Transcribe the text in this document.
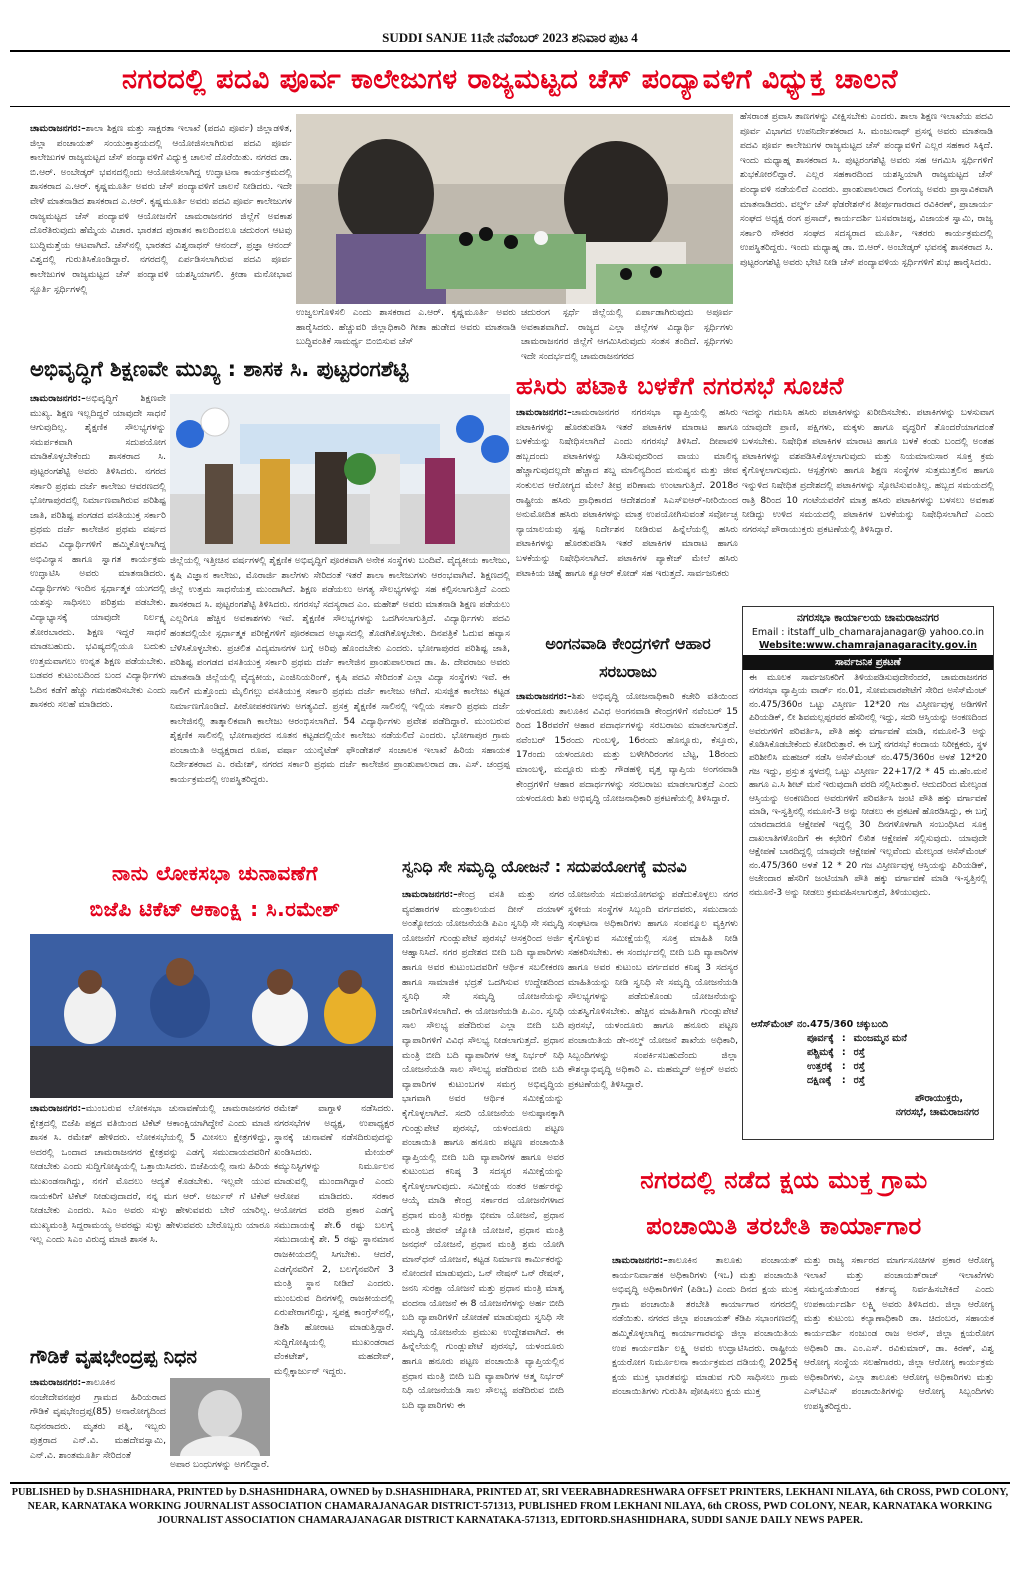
SUDDI SANJE 11ನೇ ನವೆಂಬರ್ 2023 ಶನಿವಾರ ಪುಟ 4
ನಗರದಲ್ಲಿ ಪದವಿ ಪೂರ್ವ ಕಾಲೇಜುಗಳ ರಾಜ್ಯಮಟ್ಟದ ಚೆಸ್ ಪಂದ್ಯಾವಳಿಗೆ ವಿಧ್ಯುಕ್ತ ಚಾಲನೆ
ಚಾಮರಾಜನಗರ:–ಶಾಲಾ ಶಿಕ್ಷಣ ಮತ್ತು ಸಾಕ್ಷರತಾ ಇಲಾಖೆ (ಪದವಿ ಪೂರ್ವ) ಜಿಲ್ಲಾಡಳಿತ, ಜಿಲ್ಲಾ ಪಂಚಾಯತ್ ಸಂಯುಕ್ತಾಶ್ರಯದಲ್ಲಿ ಆಯೋಜಿಸಲಾಗಿರುವ ಪದವಿ ಪೂರ್ವ ಕಾಲೇಜುಗಳ ರಾಜ್ಯಮಟ್ಟದ ಚೆಸ್ ಪಂದ್ಯಾವಳಿಗೆ ವಿಧ್ಯುಕ್ತ ಚಾಲನೆ ದೊರೆಯಿತು. ನಗರದ ಡಾ. ಬಿ.ಆರ್. ಅಂಬೇಡ್ಕರ್ ಭವನದಲ್ಲಿಂದು ಆಯೋಜಿಸಲಾಗಿದ್ದ ಉದ್ಘಾಟನಾ ಕಾರ್ಯಕ್ರಮದಲ್ಲಿ ಶಾಸಕರಾದ ಎ.ಆರ್. ಕೃಷ್ಣಮೂರ್ತಿ ಅವರು ಚೆಸ್ ಪಂದ್ಯಾವಳಿಗೆ ಚಾಲನೆ ನೀಡಿದರು. ಇದೇ ವೇಳೆ ಮಾತನಾಡಿದ ಶಾಸಕರಾದ ಎ.ಆರ್. ಕೃಷ್ಣಮೂರ್ತಿ ಅವರು ಪದವಿ ಪೂರ್ವ ಕಾಲೇಜುಗಳ ರಾಜ್ಯಮಟ್ಟದ ಚೆಸ್ ಪಂದ್ಯಾವಳಿ ಆಯೋಜನೆಗೆ ಚಾಮರಾಜನಗರ ಜಿಲ್ಲೆಗೆ ಅವಕಾಶ ದೊರೆತಿರುವುದು ಹೆಮ್ಮೆಯ ವಿಚಾರ. ಭಾರತದ ಪುರಾತನ ಕಾಲದಿಂದಲೂ ಚದುರಂಗ ಆಟವು ಬುದ್ಧಿಮತ್ತೆಯ ಆಟವಾಗಿದೆ. ಚೆಸ್‌ನಲ್ಲಿ ಭಾರತದ ವಿಶ್ವನಾಥನ್ ಆನಂದ್, ಪ್ರಜ್ಞಾ ಆನಂದ್ ವಿಶ್ವದಲ್ಲಿ ಗುರುತಿಸಿಕೊಂಡಿದ್ದಾರೆ. ನಗರದಲ್ಲಿ ಏರ್ಪಡಿಸಲಾಗಿರುವ ಪದವಿ ಪೂರ್ವ ಕಾಲೇಜುಗಳ ರಾಜ್ಯಮಟ್ಟದ ಚೆಸ್ ಪಂದ್ಯಾವಳಿ ಯಶಸ್ವಿಯಾಗಲಿ. ಕ್ರೀಡಾ ಮನೋಭಾವ ಸ್ಪೂರ್ತಿ ಸ್ಪರ್ಧಿಗಳಲ್ಲಿ
ಉಜ್ವಲಗೊಳಿಸಲಿ ಎಂದು ಶಾಸಕರಾದ ಎ.ಆರ್. ಕೃಷ್ಣಮೂರ್ತಿ ಅವರು ಹಾರೈಸಿದರು. ಹೆಚ್ಚುವರಿ ಜಿಲ್ಲಾಧಿಕಾರಿ ಗೀತಾ ಹುಡೇದ ಅವರು ಮಾತನಾಡಿ ಬುದ್ಧಿವಂತಿಕೆ ಸಾಮರ್ಥ್ಯ ಬಿಂಬಿಸುವ ಚೆಸ್
ಚದುರಂಗ ಸ್ಪರ್ಧೆ ಜಿಲ್ಲೆಯಲ್ಲಿ ಏರ್ಪಾಡಾಗಿರುವುದು ಅಪೂರ್ವ ಅವಕಾಶವಾಗಿದೆ. ರಾಜ್ಯದ ಎಲ್ಲಾ ಜಿಲ್ಲೆಗಳ ವಿದ್ಯಾರ್ಥಿ ಸ್ಪರ್ಧಿಗಳು ಚಾಮರಾಜನಗರ ಜಿಲ್ಲೆಗೆ ಆಗಮಿಸಿರುವುದು ಸಂತಸ ತಂದಿದೆ. ಸ್ಪರ್ಧಿಗಳು ಇದೇ ಸಂದರ್ಭದಲ್ಲಿ ಚಾಮರಾಜನಗರದ
ಹೆಸರಾಂತ ಪ್ರವಾಸಿ ತಾಣಗಳನ್ನು ವೀಕ್ಷಿಸಬೇಕು ಎಂದರು. ಶಾಲಾ ಶಿಕ್ಷಣ ಇಲಾಖೆಯ ಪದವಿ ಪೂರ್ವ ವಿಭಾಗದ ಉಪನಿರ್ದೇಶಕರಾದ ಸಿ. ಮಂಜುನಾಥ್ ಪ್ರಸನ್ನ ಅವರು ಮಾತನಾಡಿ ಪದವಿ ಪೂರ್ವ ಕಾಲೇಜುಗಳ ರಾಜ್ಯಮಟ್ಟದ ಚೆಸ್ ಪಂದ್ಯಾವಳಿಗೆ ಎಲ್ಲರ ಸಹಕಾರ ಸಿಕ್ಕಿದೆ. ಇಂದು ಮಧ್ಯಾಹ್ನ ಶಾಸಕರಾದ ಸಿ. ಪುಟ್ಟರಂಗಶೆಟ್ಟಿ ಅವರು ಸಹ ಆಗಮಿಸಿ ಸ್ಪರ್ಧಿಗಳಿಗೆ ಶುಭಕೋರಲಿದ್ದಾರೆ. ಎಲ್ಲರ ಸಹಕಾರದಿಂದ ಯಶಸ್ವಿಯಾಗಿ ರಾಜ್ಯಮಟ್ಟದ ಚೆಸ್ ಪಂದ್ಯಾವಳಿ ನಡೆಯಲಿದೆ ಎಂದರು. ಪ್ರಾಂಶುಪಾಲರಾದ ಲಿಂಗಯ್ಯ ಅವರು ಪ್ರಾಸ್ತಾವಿಕವಾಗಿ ಮಾತನಾಡಿದರು. ವರ್ಲ್ಡ್ ಚೆಸ್ ಫೆಡರೇಶನ್‌ನ ತೀರ್ಪುಗಾರರಾದ ರವಿಕಿರಣ್, ಪ್ರಾಚಾರ್ಯ ಸಂಘದ ಅಧ್ಯಕ್ಷ ರಂಗ ಪ್ರಸಾದ್, ಕಾರ್ಯದರ್ಶಿ ಬಸವರಾಜಪ್ಪ, ವಿಜಾಯಕ ಸ್ವಾಮಿ, ರಾಜ್ಯ ಸರ್ಕಾರಿ ನೌಕರರ ಸಂಘದ ಸದಸ್ಯರಾದ ಮೂರ್ತಿ, ಇತರರು ಕಾರ್ಯಕ್ರಮದಲ್ಲಿ ಉಪಸ್ಥಿತರಿದ್ದರು. ಇಂದು ಮಧ್ಯಾಹ್ನ ಡಾ. ಬಿ.ಆರ್. ಅಂಬೇಡ್ಕರ್ ಭವನಕ್ಕೆ ಶಾಸಕರಾದ ಸಿ. ಪುಟ್ಟರಂಗಶೆಟ್ಟಿ ಅವರು ಭೇಟಿ ನೀಡಿ ಚೆಸ್ ಪಂದ್ಯಾವಳಿಯ ಸ್ಪರ್ಧಿಗಳಿಗೆ ಶುಭ ಹಾರೈಸಿದರು.
ಅಭಿವೃದ್ಧಿಗೆ ಶಿಕ್ಷಣವೇ ಮುಖ್ಯ : ಶಾಸಕ ಸಿ. ಪುಟ್ಟರಂಗಶೆಟ್ಟಿ
ಚಾಮರಾಜನಗರ:–ಅಭಿವೃದ್ಧಿಗೆ ಶಿಕ್ಷಣವೇ ಮುಖ್ಯ. ಶಿಕ್ಷಣ ಇಲ್ಲದಿದ್ದರೆ ಯಾವುದೇ ಸಾಧನೆ ಆಗುವುದಿಲ್ಲ. ಶೈಕ್ಷಣಿಕ ಸೌಲಭ್ಯಗಳನ್ನು ಸಮರ್ಪಕವಾಗಿ ಸದುಪಯೋಗ ಮಾಡಿಕೊಳ್ಳಬೇಕೆಂದು ಶಾಸಕರಾದ ಸಿ. ಪುಟ್ಟರಂಗಶೆಟ್ಟಿ ಅವರು ತಿಳಿಸಿದರು. ನಗರದ ಸರ್ಕಾರಿ ಪ್ರಥಮ ದರ್ಜೆ ಕಾಲೇಜು ಆವರಣದಲ್ಲಿ ಭೋಗಾಪುರದಲ್ಲಿ ನಿರ್ಮಾಣವಾಗಿರುವ ಪರಿಶಿಷ್ಟ ಜಾತಿ, ಪರಿಶಿಷ್ಟ ಪಂಗಡದ ವಸತಿಯುಕ್ತ ಸರ್ಕಾರಿ ಪ್ರಥಮ ದರ್ಜೆ ಕಾಲೇಜಿನ ಪ್ರಥಮ ವರ್ಷದ ಪದವಿ ವಿದ್ಯಾರ್ಥಿಗಳಿಗೆ ಹಮ್ಮಿಕೊಳ್ಳಲಾಗಿದ್ದ ಅಭಿವಿನ್ಯಾಸ ಹಾಗೂ ಸ್ವಾಗತ ಕಾರ್ಯಕ್ರಮ ಉದ್ಘಾಟಿಸಿ ಅವರು ಮಾತನಾಡಿದರು. ವಿದ್ಯಾರ್ಥಿಗಳು ಇಂದಿನ ಸ್ಪರ್ಧಾತ್ಮಕ ಯುಗದಲ್ಲಿ ಯಶಸ್ಸು ಸಾಧಿಸಲು ಪರಿಶ್ರಮ ಪಡಬೇಕು. ವಿದ್ಯಾಭ್ಯಾಸಕ್ಕೆ ಯಾವುದೇ ನಿರ್ಲಕ್ಷ್ಯ ತೋರಬಾರದು. ಶಿಕ್ಷಣ ಇದ್ದರೆ ಸಾಧನೆ ಮಾಡಬಹುದು. ಭವಿಷ್ಯದಲ್ಲಿಯೂ ಬದುಕು ಉತ್ತಮವಾಗಲು ಉನ್ನತ ಶಿಕ್ಷಣ ಪಡೆಯಬೇಕು. ಬಡವರ ಕುಟುಂಬದಿಂದ ಬಂದ ವಿದ್ಯಾರ್ಥಿಗಳು ಓದಿನ ಕಡೆಗೆ ಹೆಚ್ಚು ಗಮನಹರಿಸಬೇಕು ಎಂದು ಶಾಸಕರು ಸಲಹೆ ಮಾಡಿದರು.
ಜಿಲ್ಲೆಯಲ್ಲಿ ಇತ್ತೀಚಿನ ವರ್ಷಗಳಲ್ಲಿ ಶೈಕ್ಷಣಿಕ ಅಭಿವೃದ್ಧಿಗೆ ಪೂರಕವಾಗಿ ಅನೇಕ ಸಂಸ್ಥೆಗಳು ಬಂದಿವೆ. ವೈದ್ಯಕೀಯ ಕಾಲೇಜು, ಕೃಷಿ ವಿಜ್ಞಾನ ಕಾಲೇಜು, ಮೊರಾರ್ಜಿ ಶಾಲೆಗಳು ಸೇರಿದಂತೆ ಇತರೆ ಶಾಲಾ ಕಾಲೇಜುಗಳು ಆರಂಭವಾಗಿವೆ. ಶಿಕ್ಷಣದಲ್ಲಿ ಜಿಲ್ಲೆ ಉತ್ತಮ ಸಾಧನೆಯತ್ತ ಮುಂದಾಗಿದೆ. ಶಿಕ್ಷಣ ಪಡೆಯಲು ಅಗತ್ಯ ಸೌಲಭ್ಯಗಳನ್ನು ಸಹ ಕಲ್ಪಿಸಲಾಗುತ್ತಿದೆ ಎಂದು ಶಾಸಕರಾದ ಸಿ. ಪುಟ್ಟರಂಗಶೆಟ್ಟಿ ತಿಳಿಸಿದರು. ನಗರಸಭೆ ಸದಸ್ಯರಾದ ಎಂ. ಮಹೇಶ್ ಅವರು ಮಾತನಾಡಿ ಶಿಕ್ಷಣ ಪಡೆಯಲು ಎಲ್ಲರಿಗೂ ಹೆಚ್ಚಿನ ಅವಕಾಶಗಳು ಇವೆ. ಶೈಕ್ಷಣಿಕ ಸೌಲಭ್ಯಗಳನ್ನು ಒದಗಿಸಲಾಗುತ್ತಿದೆ. ವಿದ್ಯಾರ್ಥಿಗಳು ಪದವಿ ಹಂತದಲ್ಲಿಯೇ ಸ್ಪರ್ಧಾತ್ಮಕ ಪರೀಕ್ಷೆಗಳಿಗೆ ಪೂರಕವಾದ ಅಭ್ಯಾಸದಲ್ಲಿ ತೊಡಗಿಕೊಳ್ಳಬೇಕು. ದಿನಪತ್ರಿಕೆ ಓದುವ ಹವ್ಯಾಸ ಬೆಳೆಸಿಕೊಳ್ಳಬೇಕು. ಪ್ರಚಲಿತ ವಿದ್ಯಮಾನಗಳ ಬಗ್ಗೆ ಅರಿವು ಹೊಂದಬೇಕು ಎಂದರು. ಭೋಗಾಪುರದ ಪರಿಶಿಷ್ಟ ಜಾತಿ, ಪರಿಶಿಷ್ಟ ಪಂಗಡದ ವಸತಿಯುಕ್ತ ಸರ್ಕಾರಿ ಪ್ರಥಮ ದರ್ಜೆ ಕಾಲೇಜಿನ ಪ್ರಾಂಶುಪಾಲರಾದ ಡಾ. ಹಿ. ದೇವರಾಜು ಅವರು ಮಾತನಾಡಿ ಜಿಲ್ಲೆಯಲ್ಲಿ ವೈದ್ಯಕೀಯ, ಎಂಜಿನಿಯರಿಂಗ್, ಕೃಷಿ ಪದವಿ ಸೇರಿದಂತೆ ಎಲ್ಲಾ ವಿದ್ಯಾ ಸಂಸ್ಥೆಗಳು ಇವೆ. ಈ ಸಾಲಿಗೆ ಮತ್ತೊಂದು ಮೈಲಿಗಲ್ಲು ವಸತಿಯುಕ್ತ ಸರ್ಕಾರಿ ಪ್ರಥಮ ದರ್ಜೆ ಕಾಲೇಜು ಆಗಿದೆ. ಸುಸಜ್ಜಿತ ಕಾಲೇಜು ಕಟ್ಟಡ ನಿರ್ಮಾಣಗೊಂಡಿದೆ. ಪೀಠೋಪಕರಣಗಳು ಅಗತ್ಯವಿದೆ. ಪ್ರಸಕ್ತ ಶೈಕ್ಷಣಿಕ ಸಾಲಿನಲ್ಲಿ ಇಲ್ಲಿಯ ಸರ್ಕಾರಿ ಪ್ರಥಮ ದರ್ಜೆ ಕಾಲೇಜಿನಲ್ಲಿ ತಾತ್ಕಾಲಿಕವಾಗಿ ಕಾಲೇಜು ಆರಂಭಿಸಲಾಗಿದೆ. 54 ವಿದ್ಯಾರ್ಥಿಗಳು ಪ್ರವೇಶ ಪಡೆದಿದ್ದಾರೆ. ಮುಂಬರುವ ಶೈಕ್ಷಣಿಕ ಸಾಲಿನಲ್ಲಿ ಭೋಗಾಪುರದ ನೂತನ ಕಟ್ಟಡದಲ್ಲಿಯೇ ಕಾಲೇಜು ನಡೆಯಲಿದೆ ಎಂದರು. ಭೋಗಾಪುರ ಗ್ರಾಮ ಪಂಚಾಯಿತಿ ಅಧ್ಯಕ್ಷರಾದ ರೂಪ, ವರ್ಷಾ ಯುನೈಟೆಡ್ ಫೌಂಡೇಶನ್ ಸಂಚಾಲಕ ಇಲಾಖೆ ಹಿರಿಯ ಸಹಾಯಕ ನಿರ್ದೇಶಕರಾದ ಎ. ರಮೇಶ್, ನಗರದ ಸರ್ಕಾರಿ ಪ್ರಥಮ ದರ್ಜೆ ಕಾಲೇಜಿನ ಪ್ರಾಂಶುಪಾಲರಾದ ಡಾ. ಎಸ್. ಚಂದ್ರಪ್ಪ ಕಾರ್ಯಕ್ರಮದಲ್ಲಿ ಉಪಸ್ಥಿತರಿದ್ದರು.
ಹಸಿರು ಪಟಾಕಿ ಬಳಕೆಗೆ ನಗರಸಭೆ ಸೂಚನೆ
ಚಾಮರಾಜನಗರ:–ಚಾಮರಾಜನಗರ ನಗರಸಭಾ ವ್ಯಾಪ್ತಿಯಲ್ಲಿ ಹಸಿರು ಪಟಾಕಿಗಳನ್ನು ಹೊರತುಪಡಿಸಿ ಇತರೆ ಪಟಾಕಿಗಳ ಮಾರಾಟ ಹಾಗೂ ಬಳಕೆಯನ್ನು ನಿಷೇಧಿಸಲಾಗಿದೆ ಎಂದು ನಗರಸಭೆ ತಿಳಿಸಿದೆ. ದೀಪಾವಳಿ ಹಬ್ಬದಂದು ಪಟಾಕಿಗಳನ್ನು ಸಿಡಿಸುವುದರಿಂದ ವಾಯು ಮಾಲಿನ್ಯ ಹೆಚ್ಚಾಗುವುದಲ್ಲದೇ ಹೆಚ್ಚಾದ ಶಬ್ದ ಮಾಲಿನ್ಯದಿಂದ ಮನುಷ್ಯನ ಮತ್ತು ಜೀವ ಸಂಕುಲದ ಆರೋಗ್ಯದ ಮೇಲೆ ತೀವ್ರ ಪರಿಣಾಮ ಉಂಟಾಗುತ್ತಿದೆ. 2018ರ ರಾಷ್ಟ್ರೀಯ ಹಸಿರು ಪ್ರಾಧಿಕಾರದ ಆದೇಶದಂತೆ ಸಿಎಸ್‌ಐಆರ್-ನೀರಿಯಿಂದ ಅನುಮೋದಿತ ಹಸಿರು ಪಟಾಕಿಗಳನ್ನು ಮಾತ್ರ ಉಪಯೋಗಿಸುವಂತೆ ಸರ್ವೋಚ್ಛ ನ್ಯಾಯಾಲಯವು ಸ್ಪಷ್ಟ ನಿರ್ದೇಶನ ನೀಡಿರುವ ಹಿನ್ನೆಲೆಯಲ್ಲಿ ಹಸಿರು ಪಟಾಕಿಗಳನ್ನು ಹೊರತುಪಡಿಸಿ ಇತರೆ ಪಟಾಕಿಗಳ ಮಾರಾಟ ಹಾಗೂ ಬಳಕೆಯನ್ನು ನಿಷೇಧಿಸಲಾಗಿದೆ. ಪಟಾಕಿಗಳ ಪ್ಯಾಕೇಜ್ ಮೇಲೆ ಹಸಿರು ಪಟಾಕಿಯ ಚಿಹ್ನೆ ಹಾಗೂ ಕ್ಯೂಆರ್ ಕೋಡ್ ಸಹ ಇರುತ್ತದೆ. ಸಾರ್ವಜನಿಕರು
ಇದನ್ನು ಗಮನಿಸಿ ಹಸಿರು ಪಟಾಕಿಗಳನ್ನು ಖರೀದಿಸಬೇಕು. ಪಟಾಕಿಗಳನ್ನು ಬಳಸುವಾಗ ಯಾವುದೇ ಪ್ರಾಣಿ, ಪಕ್ಷಿಗಳು, ಮಕ್ಕಳು ಹಾಗೂ ವೃದ್ಧರಿಗೆ ತೊಂದರೆಯಾಗದಂತೆ ಬಳಸಬೇಕು. ನಿಷೇಧಿತ ಪಟಾಕಿಗಳ ಮಾರಾಟ ಹಾಗೂ ಬಳಕೆ ಕಂಡು ಬಂದಲ್ಲಿ ಅಂತಹ ಪಟಾಕಿಗಳನ್ನು ವಶಪಡಿಸಿಕೊಳ್ಳಲಾಗುವುದು ಮತ್ತು ನಿಯಮಾನುಸಾರ ಸೂಕ್ತ ಕ್ರಮ ಕೈಗೊಳ್ಳಲಾಗುವುದು. ಆಸ್ಪತ್ರೆಗಳು ಹಾಗೂ ಶಿಕ್ಷಣ ಸಂಸ್ಥೆಗಳ ಸುತ್ತಮುತ್ತಲಿನ ಹಾಗೂ ಇನ್ನುಳಿದ ನಿಷೇಧಿತ ಪ್ರದೇಶದಲ್ಲಿ ಪಟಾಕಿಗಳನ್ನು ಸ್ಫೋಟಿಸುವಂತಿಲ್ಲ. ಹಬ್ಬದ ಸಮಯದಲ್ಲಿ ರಾತ್ರಿ 8ರಿಂದ 10 ಗಂಟೆಯವರೆಗೆ ಮಾತ್ರ ಹಸಿರು ಪಟಾಕಿಗಳನ್ನು ಬಳಸಲು ಅವಕಾಶ ನೀಡಿದ್ದು ಉಳಿದ ಸಮಯದಲ್ಲಿ ಪಟಾಕಿಗಳ ಬಳಕೆಯನ್ನು ನಿಷೇಧಿಸಲಾಗಿದೆ ಎಂದು ನಗರಸಭೆ ಪೌರಾಯುಕ್ತರು ಪ್ರಕಟಣೆಯಲ್ಲಿ ತಿಳಿಸಿದ್ದಾರೆ.
ಅಂಗನವಾಡಿ ಕೇಂದ್ರಗಳಿಗೆ ಆಹಾರ ಸರಬರಾಜು
ಚಾಮರಾಜನಗರ:–ಶಿಶು ಅಭಿವೃದ್ಧಿ ಯೋಜನಾಧಿಕಾರಿ ಕಚೇರಿ ವತಿಯಿಂದ ಯಳಂದೂರು ತಾಲೂಕಿನ ವಿವಿಧ ಅಂಗನವಾಡಿ ಕೇಂದ್ರಗಳಿಗೆ ನವೆಂಬರ್ 15 ರಿಂದ 18ರವರೆಗೆ ಆಹಾರ ಪದಾರ್ಥಗಳನ್ನು ಸರಬರಾಜು ಮಾಡಲಾಗುತ್ತದೆ. ನವೆಂಬರ್ 15ರಂದು ಗುಂಬಳ್ಳಿ, 16ರಂದು ಹೊನ್ನೂರು, ಕೆಸ್ತೂರು, 17ರಂದು ಯಳಂದೂರು ಮತ್ತು ಬಳೇಗಿರಿರಂಗನ ಬೆಟ್ಟ, 18ರಂದು ಮಾಂಬಳ್ಳಿ, ಮದ್ದೂರು ಮತ್ತು ಗೌಡಹಳ್ಳಿ ವೃತ್ತ ವ್ಯಾಪ್ತಿಯ ಅಂಗನವಾಡಿ ಕೇಂದ್ರಗಳಿಗೆ ಆಹಾರ ಪದಾರ್ಥಗಳನ್ನು ಸರಬರಾಜು ಮಾಡಲಾಗುತ್ತದೆ ಎಂದು ಯಳಂದೂರು ಶಿಶು ಅಭಿವೃದ್ಧಿ ಯೋಜನಾಧಿಕಾರಿ ಪ್ರಕಟಣೆಯಲ್ಲಿ ತಿಳಿಸಿದ್ದಾರೆ.
ನಗರಸಭಾ ಕಾರ್ಯಾಲಯ ಚಾಮರಾಜನಗರ
Email : itstaff_ulb_chamarajanagar@ yahoo.co.in
Website:www.chamrajanagaracity.gov.in
ಸಾರ್ವಜನಿಕ ಪ್ರಕಟಣೆ
ಈ ಮೂಲಕ ಸಾರ್ವಜನಿಕರಿಗೆ ತಿಳಿಯಪಡಿಸುವುದೇನೆಂದರೆ, ಚಾಮರಾಜನಗರ ನಗರಸಭಾ ವ್ಯಾಪ್ತಿಯ ವಾರ್ಡ್ ನಂ.01, ಸೋಮವಾರಪೇಟೆಗೆ ಸೇರಿದ ಅಸೆಸ್‌ಮೆಂಟ್ ನಂ.475/360ರ ಒಟ್ಟು ವಿಸ್ತೀರ್ಣ 12*20 ಗಜ ವಿಸ್ತೀರ್ಣವುಳ್ಳ ಅಡಿಗಳಿಗೆ ಪಿರಿಯಡಿಕ್, ಲೀ ಶಿವಮಲ್ಲಪ್ಪರವರ ಹೆಸರಿನಲ್ಲಿ ಇದ್ದು, ಸದರಿ ಆಸ್ತಿಯನ್ನು ಅಂಕಣದಿಂದ ಅವರುಗಳಿಗೆ ಪರಿವರ್ತಿಸಿ, ಪೌತಿ ಹಕ್ಕು ವರ್ಗಾವಣೆ ಮಾಡಿ, ನಮೂನೆ-3 ಅನ್ನು ಕೊಡಿಸಿಕೊಡಬೇಕೆಂದು ಕೋರಿರುತ್ತಾರೆ. ಈ ಬಗ್ಗೆ ನಗರಸಭೆ ಕಂದಾಯ ನಿರೀಕ್ಷಕರು, ಸ್ಥಳ ಪರಿಶೀಲಿಸಿ ಮಹಜರ್ ನಡೆಸಿ ಅಸೆಸ್‌ಮೆಂಟ್ ನಂ.475/360ರ ಅಳತೆ 12*20 ಗಜ ಇದ್ದು, ಪ್ರಸ್ತುತ ಸ್ಥಳದಲ್ಲಿ ಒಟ್ಟು ವಿಸ್ತೀರ್ಣ 22+17/2 * 45 ಮ.ಹೆಂ.ಮನೆ ಹಾಗೂ ಎ.ಸಿ ಶೀಟ್ ಮನೆ ಇರುವುದಾಗಿ ವರದಿ ಸಲ್ಲಿಸಿರುತ್ತಾರೆ. ಆದುದರಿಂದ ಮೇಲ್ಕಂಡ ಆಸ್ತಿಯನ್ನು ಅಂಕಣದಿಂದ ಅವರುಗಳಿಗೆ ಪರಿವರ್ತಿಸಿ ಜಂಟಿ ಪೌತಿ ಹಕ್ಕು ವರ್ಗಾವಣೆ ಮಾಡಿ, ಇ-ಸ್ವತ್ತಿನಲ್ಲಿ ನಮೂನೆ-3 ಅನ್ನು ನೀಡಲು ಈ ಪ್ರಕಟಣೆ ಹೊರಡಿಸಿದ್ದು, ಈ ಬಗ್ಗೆ ಯಾರದಾದರೂ ಆಕ್ಷೇಪಣೆ ಇದ್ದಲ್ಲಿ 30 ದಿನಗಳೊಳಗಾಗಿ ಸಂಬಂಧಿಸಿದ ಸೂಕ್ತ ದಾಖಲಾತಿಗಳೊಂದಿಗೆ ಈ ಕಛೇರಿಗೆ ಲಿಖಿತ ಆಕ್ಷೇಪಣೆ ಸಲ್ಲಿಸುವುದು. ಯಾವುದೇ ಆಕ್ಷೇಪಣೆ ಬಾರದಿದ್ದಲ್ಲಿ ಯಾವುದೇ ಆಕ್ಷೇಪಣೆ ಇಲ್ಲವೆಂದು ಮೇಲ್ಕಂಡ ಆಸೆಸ್‌ಮೆಂಟ್ ನಂ.475/360 ಅಳತೆ 12 * 20 ಗಜ ವಿಸ್ತೀರ್ಣವುಳ್ಳ ಆಸ್ತಿಯನ್ನು ಪಿರಿಯಡಿಕ್, ಅಜೇಂದಾರ ಹೆಸರಿಗೆ ಜಂಟಿಯಾಗಿ ಪೌತಿ ಹಕ್ಕು ವರ್ಗಾವಣೆ ಮಾಡಿ ಇ-ಸ್ವತ್ತಿನಲ್ಲಿ ನಮೂನೆ-3 ಅನ್ನು ನೀಡಲು ಕ್ರಮವಹಿಸಲಾಗುತ್ತದೆ, ತಿಳಿಯುವುದು.
ಆಸೆಸ್‌ಮೆಂಟ್ ನಂ.475/360 ಚಕ್ಕುಬಂದಿ
ಪೂರ್ವಕ್ಕೆ	:	ಮಂಜಮ್ಮನ ಮನೆ
ಪಶ್ಚಿಮಕ್ಕೆ	:	ರಸ್ತೆ
ಉತ್ತರಕ್ಕೆ	:	ರಸ್ತೆ
ದಕ್ಷಿಣಕ್ಕೆ	:	ರಸ್ತೆ
ಪೌರಾಯುಕ್ತರು,
ನಗರಸಭೆ, ಚಾಮರಾಜನಗರ
ನಾನು ಲೋಕಸಭಾ ಚುನಾವಣೆಗೆ
ಬಿಜೆಪಿ ಟಿಕೆಟ್ ಆಕಾಂಕ್ಷಿ : ಸಿ.ರಮೇಶ್
ಚಾಮರಾಜನಗರ:–ಮುಂಬರುವ ಲೋಕಸಭಾ ಚುನಾವಣೆಯಲ್ಲಿ ಚಾಮರಾಜನಗರ ಕ್ಷೇತ್ರದಲ್ಲಿ ಬಿಜೆಪಿ ಪಕ್ಷದ ವತಿಯಿಂದ ಟಿಕೆಟ್ ಆಕಾಂಕ್ಷಿಯಾಗಿದ್ದೇನೆ ಎಂದು ಮಾಜಿ ಶಾಸಕ ಸಿ. ರಮೇಶ್ ಹೇಳಿದರು. ಲೋಕಸಭೆಯಲ್ಲಿ 5 ಮೀಸಲು ಕ್ಷೇತ್ರಗಳಿದ್ದು, ಅದರಲ್ಲಿ ಒಂದಾದ ಚಾಮರಾಜನಗರ ಕ್ಷೇತ್ರವನ್ನು ಎಡಗೈ ಸಮುದಾಯದವರಿಗೆ ನೀಡಬೇಕು ಎಂದು ಸುದ್ದಿಗೋಷ್ಠಿಯಲ್ಲಿ ಒತ್ತಾಯಿಸಿದರು. ಬಿಜೆಪಿಯಲ್ಲಿ ನಾನು ಹಿರಿಯ ಮುಖಂಡನಾಗಿದ್ದು, ನನಗೆ ಮೊದಲು ಆದ್ಯತೆ ಕೊಡಬೇಕು. ಇಲ್ಲವೇ ಯುವ ನಾಯಕರಿಗೆ ಟಿಕೆಟ್ ನೀಡುವುದಾದರೆ, ನನ್ನ ಮಗ ಆರ್. ಅರ್ಜುನ್ ಗೆ ಟಿಕೆಟ್ ನೀಡಬೇಕು ಎಂದರು. ಸಿಎಂ ಅವರು ಸುಳ್ಳು ಹೇಳುವವರು ಬೇರೆ ಯಾರಿಲ್ಲ. ಮುಖ್ಯಮಂತ್ರಿ ಸಿದ್ದರಾಮಯ್ಯ ಅವರಷ್ಟು ಸುಳ್ಳು ಹೇಳುವವರು ಬೇರೊಬ್ಬರು ಯಾರೂ ಇಲ್ಲ ಎಂದು ಸಿಎಂ ವಿರುದ್ಧ ಮಾಜಿ ಶಾಸಕ ಸಿ.
ರಮೇಶ್ ವಾಗ್ದಾಳಿ ನಡೆಸಿದರು. ನಗರಸಭೆಗಳ ಅಧ್ಯಕ್ಷ, ಉಪಾಧ್ಯಕ್ಷರ ಸ್ಥಾನಕ್ಕೆ ಚುನಾವಣೆ ನಡೆಸದಿರುವುದನ್ನು ಖಂಡಿಸಿದರು. ಮೇಯರ್ ಕಮ್ಯುನಿಸ್ಟಿಗಳನ್ನು ನಿರ್ಮೂಲನ ಮಾಡುವಲ್ಲಿ ಮುಂದಾಗಿದ್ದಾರೆ ಎಂದು ಆರೋಪ ಮಾಡಿದರು. ಸರಕಾರ ಆಯೋಗದ ವರದಿ ಪ್ರಕಾರ ಎಡಗೈ ಸಮುದಾಯಕ್ಕೆ ಶೇ.6 ರಷ್ಟು ಬಲಗೈ ಸಮುದಾಯಕ್ಕೆ ಶೇ. 5 ರಷ್ಟು ಸ್ಥಾನಮಾನ ರಾಜಕೀಯದಲ್ಲಿ ಸಿಗಬೇಕು. ಆದರೆ, ಎಡಗೈನವರಿಗೆ 2, ಬಲಗೈನವರಿಗೆ 3 ಮಂತ್ರಿ ಸ್ಥಾನ ನೀಡಿದೆ ಎಂದರು. ಮುಂಬರುವ ದಿನಗಳಲ್ಲಿ ರಾಜಕೀಯದಲ್ಲಿ ಏರುಪೇರಾಗಲಿದ್ದು, ಸ್ವಪಕ್ಷ ಕಾಂಗ್ರೆಸ್‌ನಲ್ಲಿ, ಡಿಕೆಶಿ ಹೋರಾಟ ಮಾಡುತ್ತಿದ್ದಾರೆ. ಸುದ್ದಿಗೋಷ್ಠಿಯಲ್ಲಿ ಮುಖಂಡರಾದ ವೆಂಕಟೇಶ್, ಮಹದೇವ್, ಮಲ್ಲಿಕ್ಕಾರ್ಜುನ್ ಇದ್ದರು.
ಗೌಡಿಕೆ ವೃಷಭೇಂದ್ರಪ್ಪ ನಿಧನ
ಚಾಮರಾಜನಗರ:–ತಾಲೂಕಿನ ನಂಜೇದೇವನಪುರ ಗ್ರಾಮದ ಹಿರಿಯರಾದ ಗೌಡಿಕೆ ವೃಷಭೇಂದ್ರಪ್ಪ(85) ಅನಾರೋಗ್ಯದಿಂದ ನಿಧನರಾದರು. ಮೃತರು ಪತ್ನಿ, ಇಬ್ಬರು ಪುತ್ರರಾದ ಎನ್.ವಿ. ಮಹದೇವಸ್ವಾಮಿ, ಎನ್.ವಿ. ಶಾಂತಮೂರ್ತಿ ಸೇರಿದಂತೆ
ಅಪಾರ ಬಂಧುಗಳನ್ನು ಅಗಲಿದ್ದಾರೆ.
ಸ್ವನಿಧಿ ಸೇ ಸಮೃದ್ಧಿ ಯೋಜನೆ : ಸದುಪಯೋಗಕ್ಕೆ ಮನವಿ
ಚಾಮರಾಜನಗರ:–ಕೇಂದ್ರ ವಸತಿ ಮತ್ತು ನಗರ ವ್ಯವಹಾರಗಳ ಮಂತ್ರಾಲಯದ ದೀನ್ ದಯಾಳ್ ಅಂತ್ಯೋದಯ ಯೋಜನೆಯಡಿ ಪಿಎಂ ಸ್ವನಿಧಿ ಸೇ ಸಮೃದ್ಧಿ ಯೋಜನೆಗೆ ಗುಂಡ್ಲುಪೇಟೆ ಪುರಸಭೆ ಆಸಕ್ತರಿಂದ ಅರ್ಜಿ ಆಹ್ವಾನಿಸಿದೆ. ನಗರ ಪ್ರದೇಶದ ಬೀದಿ ಬದಿ ವ್ಯಾಪಾರಿಗಳು ಹಾಗೂ ಅವರ ಕುಟುಂಬದವರಿಗೆ ಆರ್ಥಿಕ ಸಬಲೀಕರಣ ಹಾಗೂ ಸಾಮಾಜಿಕ ಭದ್ರತೆ ಒದಗಿಸುವ ಉದ್ದೇಶದಿಂದ ಸ್ವನಿಧಿ ಸೇ ಸಮೃದ್ಧಿ ಯೋಜನೆಯನ್ನು ಜಾರಿಗೊಳಿಸಲಾಗಿದೆ. ಈ ಯೋಜನೆಯಡಿ ಪಿ.ಎಂ. ಸ್ವನಿಧಿ ಸಾಲ ಸೌಲಭ್ಯ ಪಡೆದಿರುವ ಎಲ್ಲಾ ಬೀದಿ ಬದಿ ವ್ಯಾಪಾರಿಗಳಿಗೆ ವಿವಿಧ ಸೌಲಭ್ಯ ನೀಡಲಾಗುತ್ತದೆ. ಪ್ರಧಾನ ಮಂತ್ರಿ ಬೀದಿ ಬದಿ ವ್ಯಾಪಾರಿಗಳ ಆತ್ಮ ನಿರ್ಭರ್ ನಿಧಿ ಯೋಜನೆಯಡಿ ಸಾಲ ಸೌಲಭ್ಯ ಪಡೆದಿರುವ ಬೀದಿ ಬದಿ ವ್ಯಾಪಾರಿಗಳ ಕುಟುಂಬಗಳ ಸಮಗ್ರ ಅಭಿವೃದ್ಧಿಯ ಭಾಗವಾಗಿ ಅವರ ಆರ್ಥಿಕ ಸಮೀಕ್ಷೆಯನ್ನು ಕೈಗೊಳ್ಳಲಾಗಿದೆ. ಸದರಿ ಯೋಜನೆಯ ಅನುಷ್ಠಾನಕ್ಕಾಗಿ ಗುಂಡ್ಲುಪೇಟೆ ಪುರಸಭೆ, ಯಳಂದೂರು ಪಟ್ಟಣ ಪಂಚಾಯಿತಿ ಹಾಗೂ ಹನೂರು ಪಟ್ಟಣ ಪಂಚಾಯಿತಿ ವ್ಯಾಪ್ತಿಯಲ್ಲಿ ಬೀದಿ ಬದಿ ವ್ಯಾಪಾರಿಗಳ ಹಾಗೂ ಅವರ ಕುಟುಂಬದ ಕನಿಷ್ಠ 3 ಸದಸ್ಯರ ಸಮೀಕ್ಷೆಯನ್ನು ಕೈಗೊಳ್ಳಲಾಗುವುದು. ಸಮೀಕ್ಷೆಯ ನಂತರ ಅರ್ಹರನ್ನು ಆಯ್ಕೆ ಮಾಡಿ ಕೇಂದ್ರ ಸರ್ಕಾರದ ಯೋಜನೆಗಳಾದ ಪ್ರಧಾನ ಮಂತ್ರಿ ಸುರಕ್ಷಾ ಭೀಮಾ ಯೋಜನೆ, ಪ್ರಧಾನ ಮಂತ್ರಿ ಜೀವನ್ ಜ್ಯೋತಿ ಯೋಜನೆ, ಪ್ರಧಾನ ಮಂತ್ರಿ ಜನಧನ್ ಯೋಜನೆ, ಪ್ರಧಾನ ಮಂತ್ರಿ ಶ್ರಮ ಯೋಗಿ ಮಾನ್‌ಧನ್ ಯೋಜನೆ, ಕಟ್ಟಡ ನಿರ್ಮಾಣ ಕಾರ್ಮಿಕರನ್ನು ನೋಂದಣಿ ಮಾಡುವುದು, ಒನ್ ನೇಷನ್ ಒನ್ ರೇಷನ್, ಜನನಿ ಸುರಕ್ಷಾ ಯೋಜನೆ ಮತ್ತು ಪ್ರಧಾನ ಮಂತ್ರಿ ಮಾತೃ ವಂದನಾ ಯೋಜನೆ ಈ 8 ಯೋಜನೆಗಳನ್ನು ಅರ್ಹ ಬೀದಿ ಬದಿ ವ್ಯಾಪಾರಿಗಳಿಗೆ ಜೋಡಣೆ ಮಾಡುವುದು ಸ್ವನಿಧಿ ಸೇ ಸಮೃದ್ಧಿ ಯೋಜನೆಯ ಪ್ರಮುಖ ಉದ್ದೇಶವಾಗಿದೆ. ಈ ಹಿನ್ನೆಲೆಯಲ್ಲಿ ಗುಂಡ್ಲುಪೇಟೆ ಪುರಸಭೆ, ಯಳಂದೂರು ಹಾಗೂ ಹನೂರು ಪಟ್ಟಣ ಪಂಚಾಯಿತಿ ವ್ಯಾಪ್ತಿಯಲ್ಲಿನ ಪ್ರಧಾನ ಮಂತ್ರಿ ಬೀದಿ ಬದಿ ವ್ಯಾಪಾರಿಗಳ ಆತ್ಮ ನಿರ್ಭರ್ ನಿಧಿ ಯೋಜನೆಯಡಿ ಸಾಲ ಸೌಲಭ್ಯ ಪಡೆದಿರುವ ಬೀದಿ ಬದಿ ವ್ಯಾಪಾರಿಗಳು ಈ
ಯೋಜನೆಯ ಸದುಪಯೋಗವನ್ನು ಪಡೆದುಕೊಳ್ಳಲು ನಗರ ಸ್ಥಳೀಯ ಸಂಸ್ಥೆಗಳ ಸಿಬ್ಬಂದಿ ವರ್ಗದವರು, ಸಮುದಾಯ ಸಂಘಟನಾ ಅಧಿಕಾರಿಗಳು ಹಾಗೂ ಸಂಪನ್ಮೂಲ ವ್ಯಕ್ತಿಗಳು ಕೈಗೊಳ್ಳುವ ಸಮೀಕ್ಷೆಯಲ್ಲಿ ಸೂಕ್ತ ಮಾಹಿತಿ ನೀಡಿ ಸಹಕರಿಸಬೇಕು. ಈ ಸಂದರ್ಭದಲ್ಲಿ ಬೀದಿ ಬದಿ ವ್ಯಾಪಾರಿಗಳ ಹಾಗೂ ಅವರ ಕುಟುಂಬ ವರ್ಗದವರ ಕನಿಷ್ಠ 3 ಸದಸ್ಯರ ಮಾಹಿತಿಯನ್ನು ನೀಡಿ ಸ್ವನಿಧಿ ಸೇ ಸಮೃದ್ಧಿ ಯೋಜನೆಯಡಿ ಸೌಲಭ್ಯಗಳನ್ನು ಪಡೆದುಕೊಂಡು ಯೋಜನೆಯನ್ನು ಯಶಸ್ವಿಗೊಳಿಸಬೇಕು. ಹೆಚ್ಚಿನ ಮಾಹಿತಿಗಾಗಿ ಗುಂಡ್ಲುಪೇಟೆ ಪುರಸಭೆ, ಯಳಂದೂರು ಹಾಗೂ ಹನೂರು ಪಟ್ಟಣ ಪಂಚಾಯಿತಿಯ ಡೇ-ನಲ್ಮ್ ಯೋಜನೆ ಶಾಖೆಯ ಅಧಿಕಾರಿ, ಸಿಬ್ಬಂದಿಗಳನ್ನು ಸಂಪರ್ಕಿಸಬಹುದೆಂದು ಜಿಲ್ಲಾ ಕೌಶಲ್ಯಾಭಿವೃದ್ಧಿ ಅಧಿಕಾರಿ ಎ. ಮಹಮ್ಮದ್ ಅಕ್ಬರ್ ಅವರು ಪ್ರಕಟಣೆಯಲ್ಲಿ ತಿಳಿಸಿದ್ದಾರೆ.
ನಗರದಲ್ಲಿ ನಡೆದ ಕ್ಷಯ ಮುಕ್ತ ಗ್ರಾಮ
ಪಂಚಾಯಿತಿ ತರಬೇತಿ ಕಾರ್ಯಾಗಾರ
ಚಾಮರಾಜನಗರ:–ತಾಲೂಕಿನ ತಾಲೂಕು ಪಂಚಾಯತ್ ಕಾರ್ಯನಿರ್ವಾಹಕ ಅಧಿಕಾರಿಗಳು (ಇಒ) ಮತ್ತು ಪಂಚಾಯಿತಿ ಅಭಿವೃದ್ಧಿ ಅಧಿಕಾರಿಗಳಿಗೆ (ಪಿಡಿಒ) ಎಂದು ದಿನದ ಕ್ಷಯ ಮುಕ್ತ ಗ್ರಾಮ ಪಂಚಾಯಿತಿ ತರಬೇತಿ ಕಾರ್ಯಾಗಾರ ನಗರದಲ್ಲಿ ನಡೆಯಿತು. ನಗರದ ಜಿಲ್ಲಾ ಪಂಚಾಯತ್ ಕೆಡಿಪಿ ಸಭಾಂಗಣದಲ್ಲಿ ಹಮ್ಮಿಕೊಳ್ಳಲಾಗಿದ್ದ ಕಾರ್ಯಾಗಾರವನ್ನು ಜಿಲ್ಲಾ ಪಂಚಾಯಿತಿಯ ಉಪ ಕಾರ್ಯದರ್ಶಿ ಲಕ್ಷ್ಮಿ ಅವರು ಉದ್ಘಾಟಿಸಿದರು. ರಾಷ್ಟ್ರೀಯ ಕ್ಷಯರೋಗ ನಿರ್ಮೂಲನಾ ಕಾರ್ಯಕ್ರಮದ ದಡಿಯಲ್ಲಿ 2025ಕ್ಕೆ ಕ್ಷಯ ಮುಕ್ತ ಭಾರತವನ್ನು ಮಾಡುವ ಗುರಿ ಸಾಧಿಸಲು ಗ್ರಾಮ ಪಂಚಾಯಿತಿಗಳು ಗುರುತಿಸಿ ಪೋಷಿಸಲು ಕ್ಷಯ ಮುಕ್ತ
ಮತ್ತು ರಾಜ್ಯ ಸರ್ಕಾರದ ಮಾರ್ಗಸೂಚಿಗಳ ಪ್ರಕಾರ ಆರೋಗ್ಯ ಇಲಾಖೆ ಮತ್ತು ಪಂಚಾಯತ್‌ರಾಜ್ ಇಲಾಖೆಗಳು ಸಮನ್ವಯತೆಯಿಂದ ಕರ್ತವ್ಯ ನಿರ್ವಹಿಸಬೇಕಿದೆ ಎಂದು ಉಪಕಾರ್ಯದರ್ಶಿ ಲಕ್ಷ್ಮಿ ಅವರು ತಿಳಿಸಿದರು. ಜಿಲ್ಲಾ ಆರೋಗ್ಯ ಮತ್ತು ಕುಟುಂಬ ಕಲ್ಯಾಣಾಧಿಕಾರಿ ಡಾ. ಚಿದಂಬರ, ಸಹಾಯಕ ಕಾರ್ಯದರ್ಶಿ ನಂಜುಂಡ ರಾಜ ಅರಸ್, ಜಿಲ್ಲಾ ಕ್ಷಯರೋಗ ಅಧಿಕಾರಿ ಡಾ. ಎಂ.ಎಸ್. ರವಿಕುಮಾರ್, ಡಾ. ಕಿರಣ್, ವಿಶ್ವ ಆರೋಗ್ಯ ಸಂಸ್ಥೆಯ ಸಲಹೆಗಾರರು, ಜಿಲ್ಲಾ ಆರೋಗ್ಯ ಕಾರ್ಯಕ್ರಮ ಅಧಿಕಾರಿಗಳು, ಎಲ್ಲಾ ತಾಲೂಕು ಆರೋಗ್ಯ ಅಧಿಕಾರಿಗಳು ಮತ್ತು ಎಸ್‌ಟಿಎಸ್ ಪಂಚಾಯಿತಿಗಳನ್ನು ಆರೋಗ್ಯ ಸಿಬ್ಬಂದಿಗಳು ಉಪಸ್ಥಿತರಿದ್ದರು.
PUBLISHED by D.SHASHIDHARA, PRINTED by D.SHASHIDHARA, OWNED by D.SHASHIDHARA, PRINTED AT, SRI VEERABHADRESHWARA OFFSET PRINTERS, LEKHANI NILAYA, 6th CROSS, PWD COLONY, NEAR, KARNATAKA WORKING JOURNALIST ASSOCIATION CHAMARAJANAGAR DISTRICT-571313, PUBLISHED FROM LEKHANI NILAYA, 6th CROSS, PWD COLONY, NEAR, KARNATAKA WORKING JOURNALIST ASSOCIATION CHAMARAJANAGAR DISTRICT KARNATAKA-571313, EDITORD.SHASHIDHARA, SUDDI SANJE DAILY NEWS PAPER.
